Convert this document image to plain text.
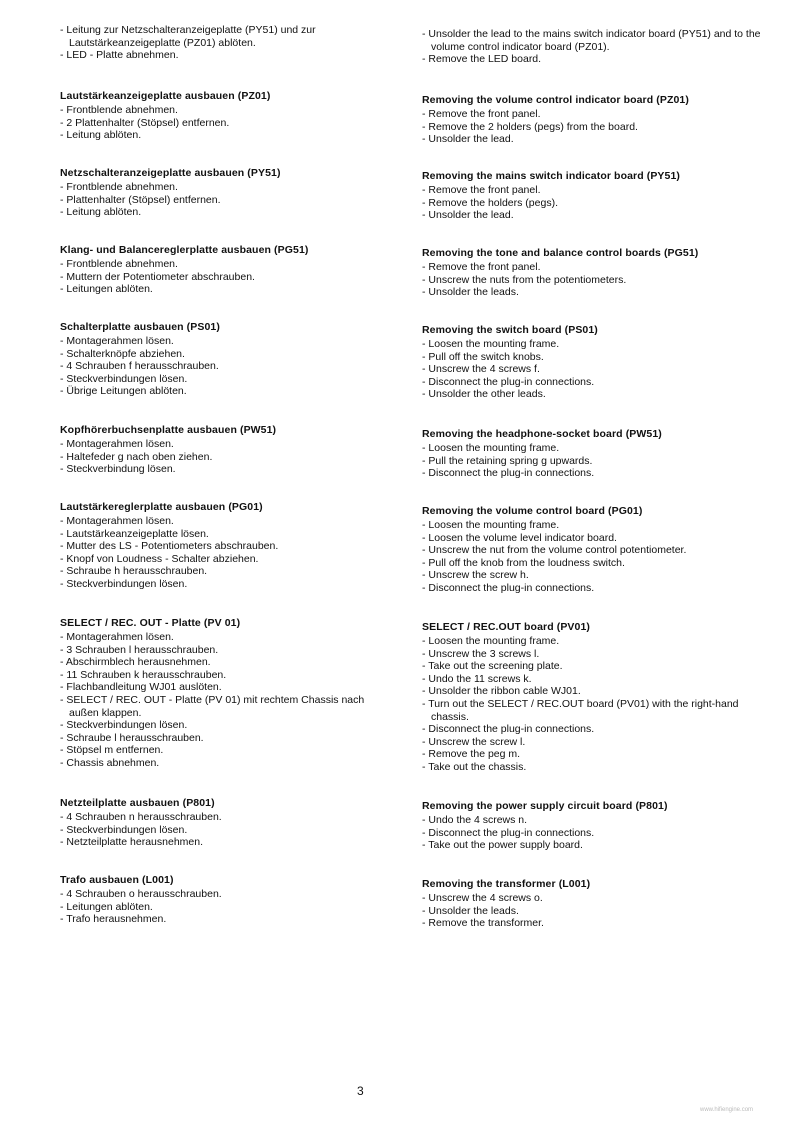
- Leitung zur Netzschalteranzeigeplatte (PY51) und zur Lautstärkeanzeigeplatte (PZ01) ablöten.
- LED - Platte abnehmen.
Lautstärkeanzeigeplatte ausbauen (PZ01)
- Frontblende abnehmen.
- 2 Plattenhalter (Stöpsel) entfernen.
- Leitung ablöten.
Netzschalteranzeigeplatte ausbauen (PY51)
- Frontblende abnehmen.
- Plattenhalter (Stöpsel) entfernen.
- Leitung ablöten.
Klang- und Balancereglerplatte ausbauen (PG51)
- Frontblende abnehmen.
- Muttern der Potentiometer abschrauben.
- Leitungen ablöten.
Schalterplatte ausbauen (PS01)
- Montagerahmen lösen.
- Schalterknöpfe abziehen.
- 4 Schrauben f herausschrauben.
- Steckverbindungen lösen.
- Übrige Leitungen ablöten.
Kopfhörerbuchsenplatte ausbauen (PW51)
- Montagerahmen lösen.
- Haltefeder g nach oben ziehen.
- Steckverbindung lösen.
Lautstärkereglerplatte ausbauen (PG01)
- Montagerahmen lösen.
- Lautstärkeanzeigeplatte lösen.
- Mutter des LS - Potentiometers abschrauben.
- Knopf von Loudness - Schalter abziehen.
- Schraube h herausschrauben.
- Steckverbindungen lösen.
SELECT / REC. OUT - Platte (PV 01)
- Montagerahmen lösen.
- 3 Schrauben l herausschrauben.
- Abschirmblech herausnehmen.
- 11 Schrauben k herausschrauben.
- Flachbandleitung WJ01 auslöten.
- SELECT / REC. OUT - Platte (PV 01) mit rechtem Chassis nach außen klappen.
- Steckverbindungen lösen.
- Schraube l herausschrauben.
- Stöpsel m entfernen.
- Chassis abnehmen.
Netzteilplatte ausbauen (P801)
- 4 Schrauben n herausschrauben.
- Steckverbindungen lösen.
- Netzteilplatte herausnehmen.
Trafo ausbauen (L001)
- 4 Schrauben o herausschrauben.
- Leitungen ablöten.
- Trafo herausnehmen.
- Unsolder the lead to the mains switch indicator board (PY51) and to the volume control indicator board (PZ01).
- Remove the LED board.
Removing the volume control indicator board (PZ01)
- Remove the front panel.
- Remove the 2 holders (pegs) from the board.
- Unsolder the lead.
Removing the mains switch indicator board (PY51)
- Remove the front panel.
- Remove the holders (pegs).
- Unsolder the lead.
Removing the tone and balance control boards (PG51)
- Remove the front panel.
- Unscrew the nuts from the potentiometers.
- Unsolder the leads.
Removing the switch board (PS01)
- Loosen the mounting frame.
- Pull off the switch knobs.
- Unscrew the 4 screws f.
- Disconnect the plug-in connections.
- Unsolder the other leads.
Removing the headphone-socket board (PW51)
- Loosen the mounting frame.
- Pull the retaining spring g upwards.
- Disconnect the plug-in connections.
Removing the volume control board (PG01)
- Loosen the mounting frame.
- Loosen the volume level indicator board.
- Unscrew the nut from the volume control potentiometer.
- Pull off the knob from the loudness switch.
- Unscrew the screw h.
- Disconnect the plug-in connections.
SELECT / REC.OUT board (PV01)
- Loosen the mounting frame.
- Unscrew the 3 screws l.
- Take out the screening plate.
- Undo the 11 screws k.
- Unsolder the ribbon cable WJ01.
- Turn out the SELECT / REC.OUT board (PV01) with the right-hand chassis.
- Disconnect the plug-in connections.
- Unscrew the screw l.
- Remove the peg m.
- Take out the chassis.
Removing the power supply circuit board (P801)
- Undo the 4 screws n.
- Disconnect the plug-in connections.
- Take out the power supply board.
Removing the transformer (L001)
- Unscrew the 4 screws o.
- Unsolder the leads.
- Remove the transformer.
3
www.hifiengine.com
